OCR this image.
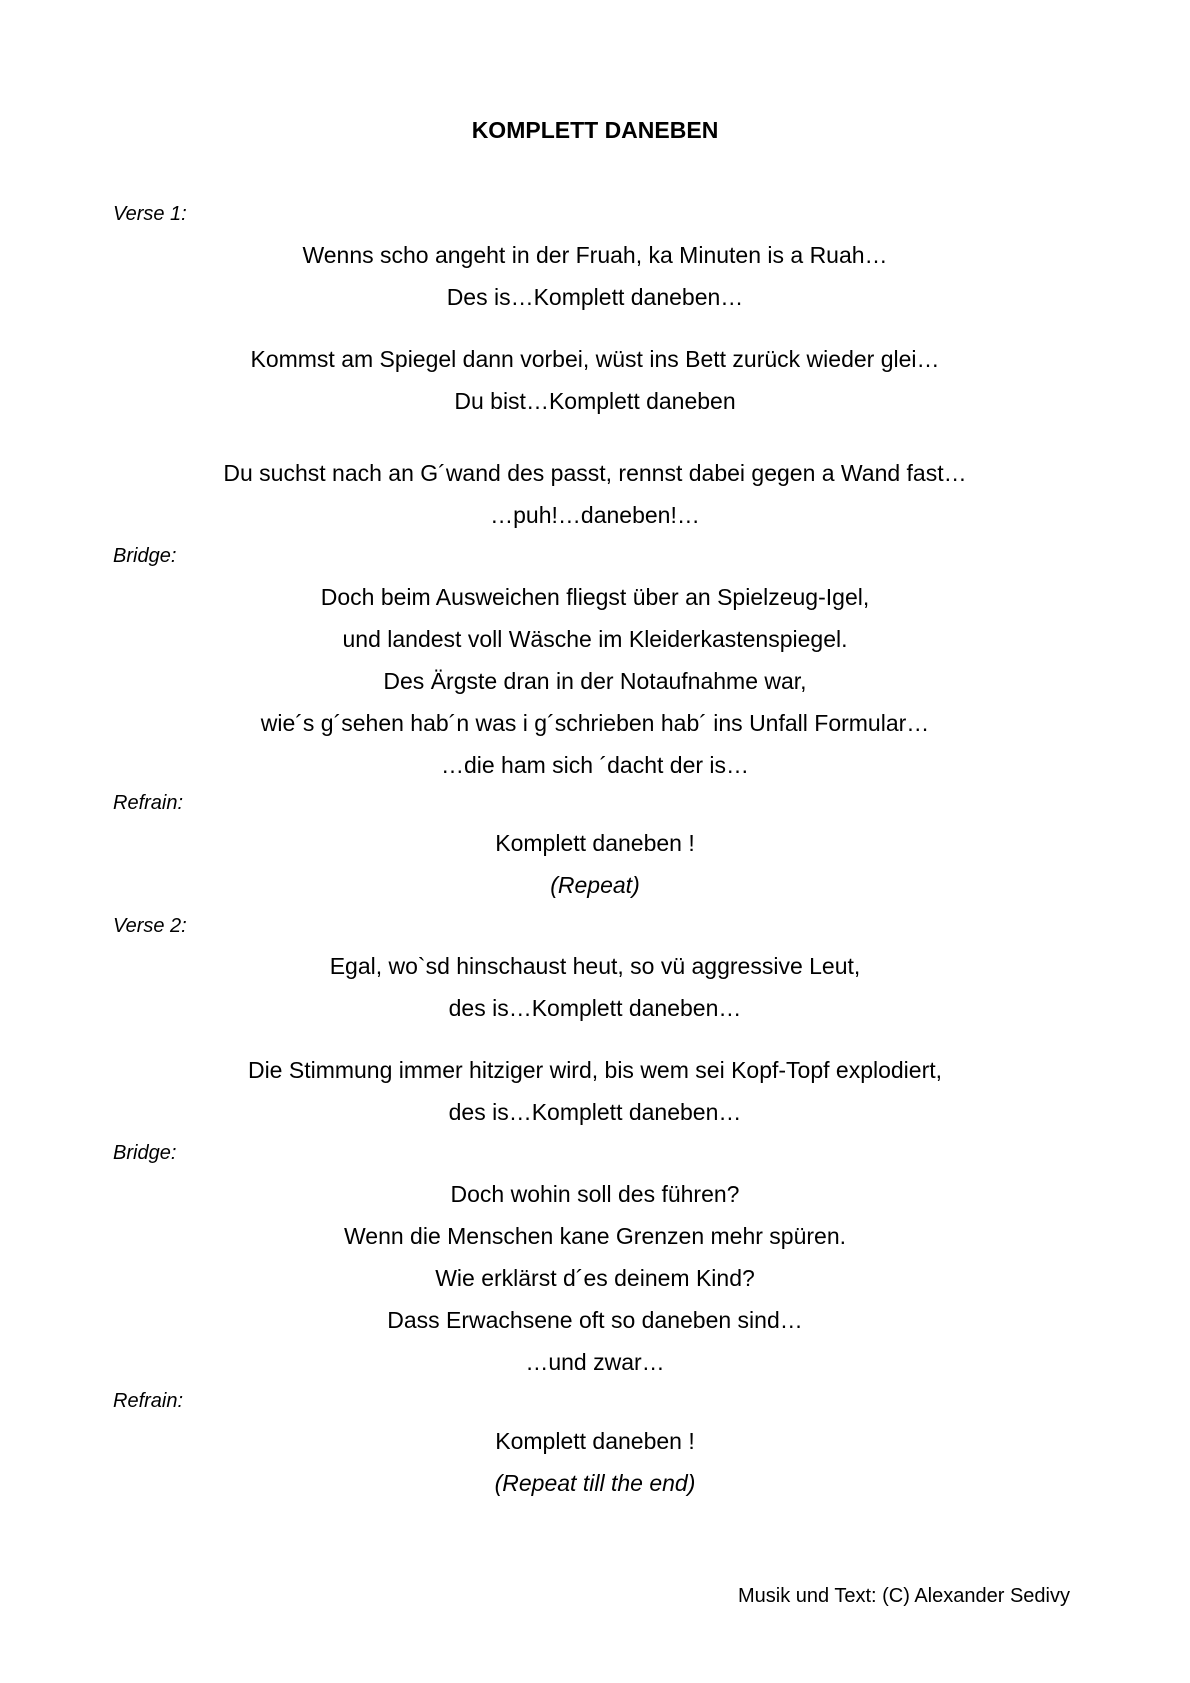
KOMPLETT DANEBEN
Verse 1:
Wenns scho angeht in der Fruah, ka Minuten is a Ruah…
Des is…Komplett daneben…
Kommst am Spiegel dann vorbei, wüst ins Bett zurück wieder glei…
Du bist…Komplett daneben
Du suchst nach an G´wand des passt, rennst dabei gegen a Wand fast…
…puh!…daneben!…
Bridge:
Doch beim Ausweichen fliegst über an Spielzeug-Igel,
und landest voll Wäsche im Kleiderkastenspiegel.
Des Ärgste dran in der Notaufnahme war,
wie´s g´sehen hab´n was i g´schrieben hab´ ins Unfall Formular…
…die ham sich ´dacht der is…
Refrain:
Komplett daneben !
(Repeat)
Verse 2:
Egal, wo`sd hinschaust heut, so vü aggressive Leut,
des is…Komplett daneben…
Die Stimmung immer hitziger wird, bis wem sei Kopf-Topf explodiert,
des is…Komplett daneben…
Bridge:
Doch wohin soll des führen?
Wenn die Menschen kane Grenzen mehr spüren.
Wie erklärst d´es deinem Kind?
Dass Erwachsene oft so daneben sind…
…und zwar…
Refrain:
Komplett daneben !
(Repeat till the end)
Musik und Text: (C) Alexander Sedivy
